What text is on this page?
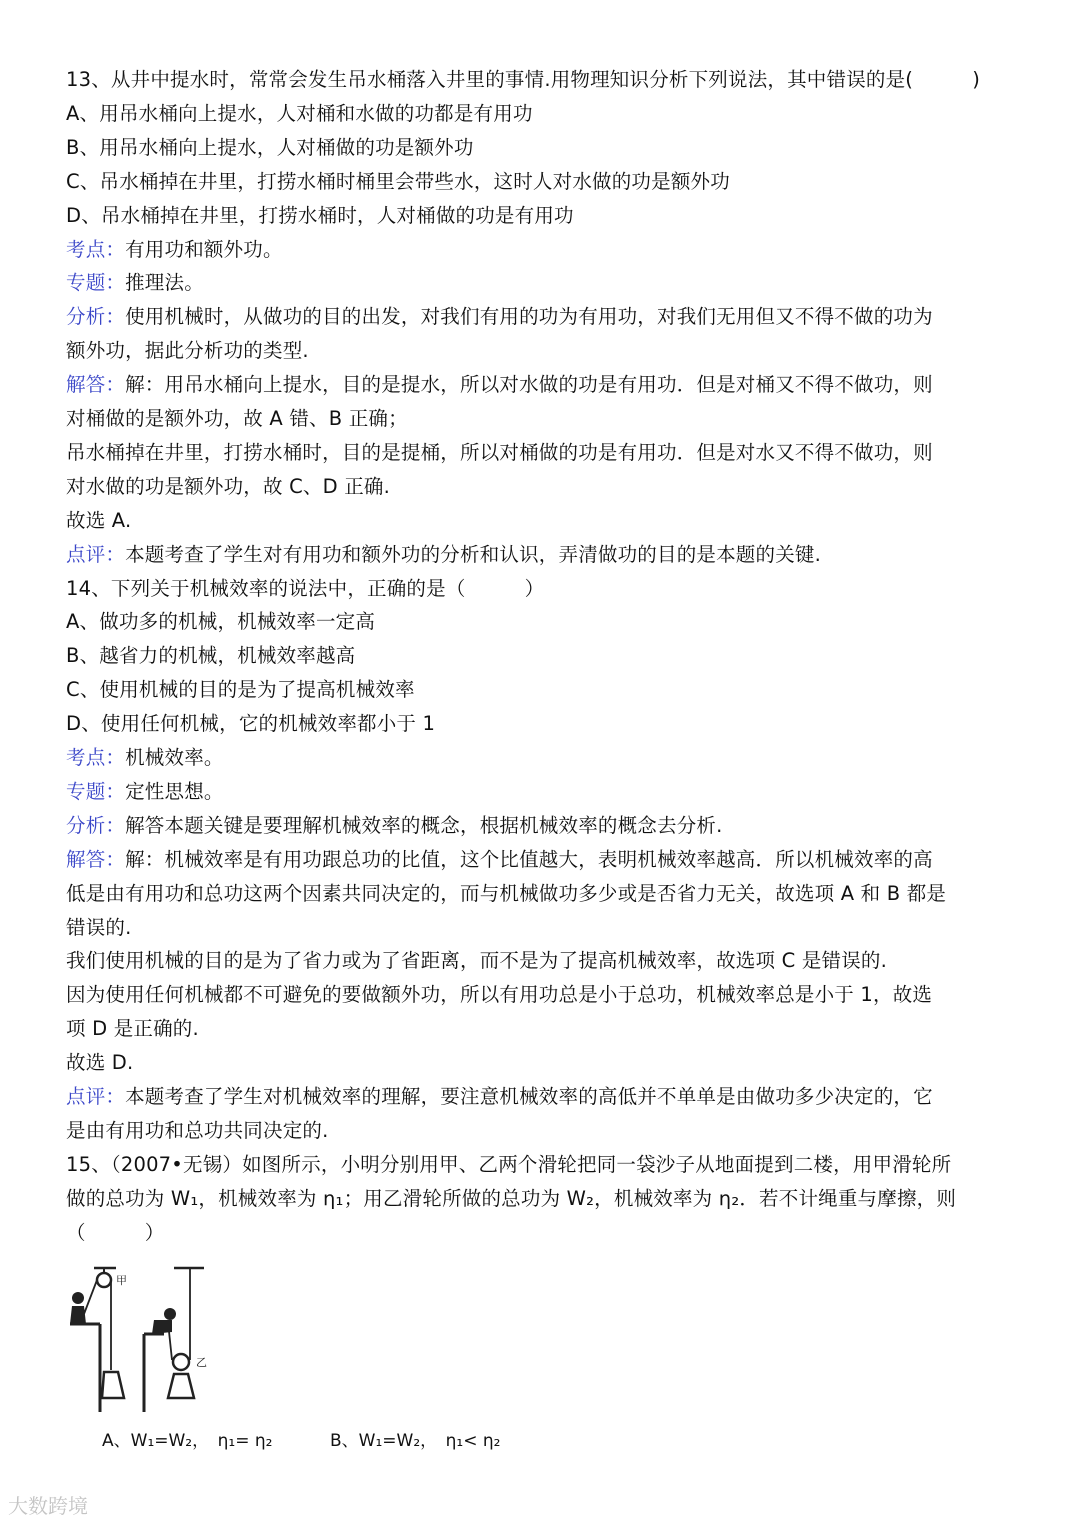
13、从井中提水时，常常会发生吊水桶落入井里的事情.用物理知识分析下列说法，其中错误的是(　　　)
A、用吊水桶向上提水，人对桶和水做的功都是有用功
B、用吊水桶向上提水，人对桶做的功是额外功
C、吊水桶掉在井里，打捞水桶时桶里会带些水，这时人对水做的功是额外功
D、吊水桶掉在井里，打捞水桶时，人对桶做的功是有用功
考点：有用功和额外功。
专题：推理法。
分析：使用机械时，从做功的目的出发，对我们有用的功为有用功，对我们无用但又不得不做的功为
额外功，据此分析功的类型.
解答：解：用吊水桶向上提水，目的是提水，所以对水做的功是有用功．但是对桶又不得不做功，则
对桶做的是额外功，故 A 错、B 正确；
吊水桶掉在井里，打捞水桶时，目的是提桶，所以对桶做的功是有用功．但是对水又不得不做功，则
对水做的功是额外功，故 C、D 正确.
故选 A.
点评：本题考查了学生对有用功和额外功的分析和认识，弄清做功的目的是本题的关键.
14、下列关于机械效率的说法中，正确的是（　　　）
A、做功多的机械，机械效率一定高
B、越省力的机械，机械效率越高
C、使用机械的目的是为了提高机械效率
D、使用任何机械，它的机械效率都小于 1
考点：机械效率。
专题：定性思想。
分析：解答本题关键是要理解机械效率的概念，根据机械效率的概念去分析.
解答：解：机械效率是有用功跟总功的比值，这个比值越大，表明机械效率越高．所以机械效率的高
低是由有用功和总功这两个因素共同决定的，而与机械做功多少或是否省力无关，故选项 A 和 B 都是
错误的.
我们使用机械的目的是为了省力或为了省距离，而不是为了提高机械效率，故选项 C 是错误的.
因为使用任何机械都不可避免的要做额外功，所以有用功总是小于总功，机械效率总是小于 1，故选
项 D 是正确的.
故选 D.
点评：本题考查了学生对机械效率的理解，要注意机械效率的高低并不单单是由做功多少决定的，它
是由有用功和总功共同决定的.
15、（2007•无锡）如图所示，小明分别用甲、乙两个滑轮把同一袋沙子从地面提到二楼，用甲滑轮所
做的总功为 W₁，机械效率为 η₁；用乙滑轮所做的总功为 W₂，机械效率为 η₂．若不计绳重与摩擦，则
（　　　）
甲
乙
A、W₁=W₂，　η₁= η₂	B、W₁=W₂，　η₁< η₂
大数跨境
